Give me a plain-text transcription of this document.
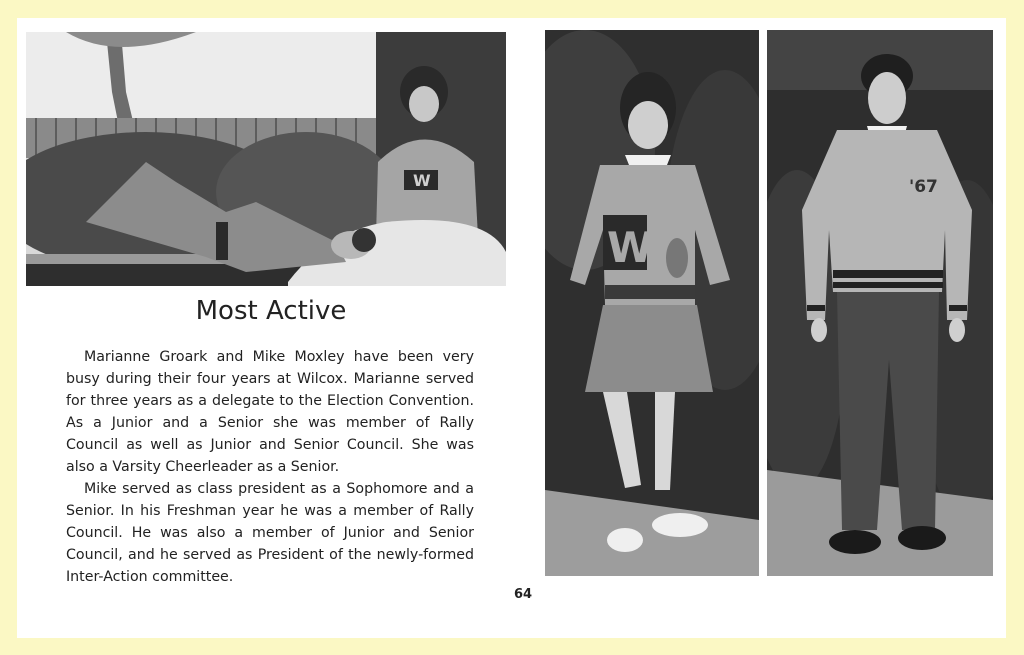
W
Most Active

Marianne Groark and Mike Moxley have been very busy during their four years at Wilcox. Marianne served for three years as a delegate to the Election Convention. As a Junior and a Senior she was member of Rally Council as well as Junior and Senior Council. She was also a Varsity Cheerleader as a Senior.

Mike served as class president as a Sophomore and a Senior. In his Freshman year he was a member of Rally Council. He was also a member of Junior and Senior Council, and he served as President of the newly-formed Inter-Action committee.

64
W
'67
